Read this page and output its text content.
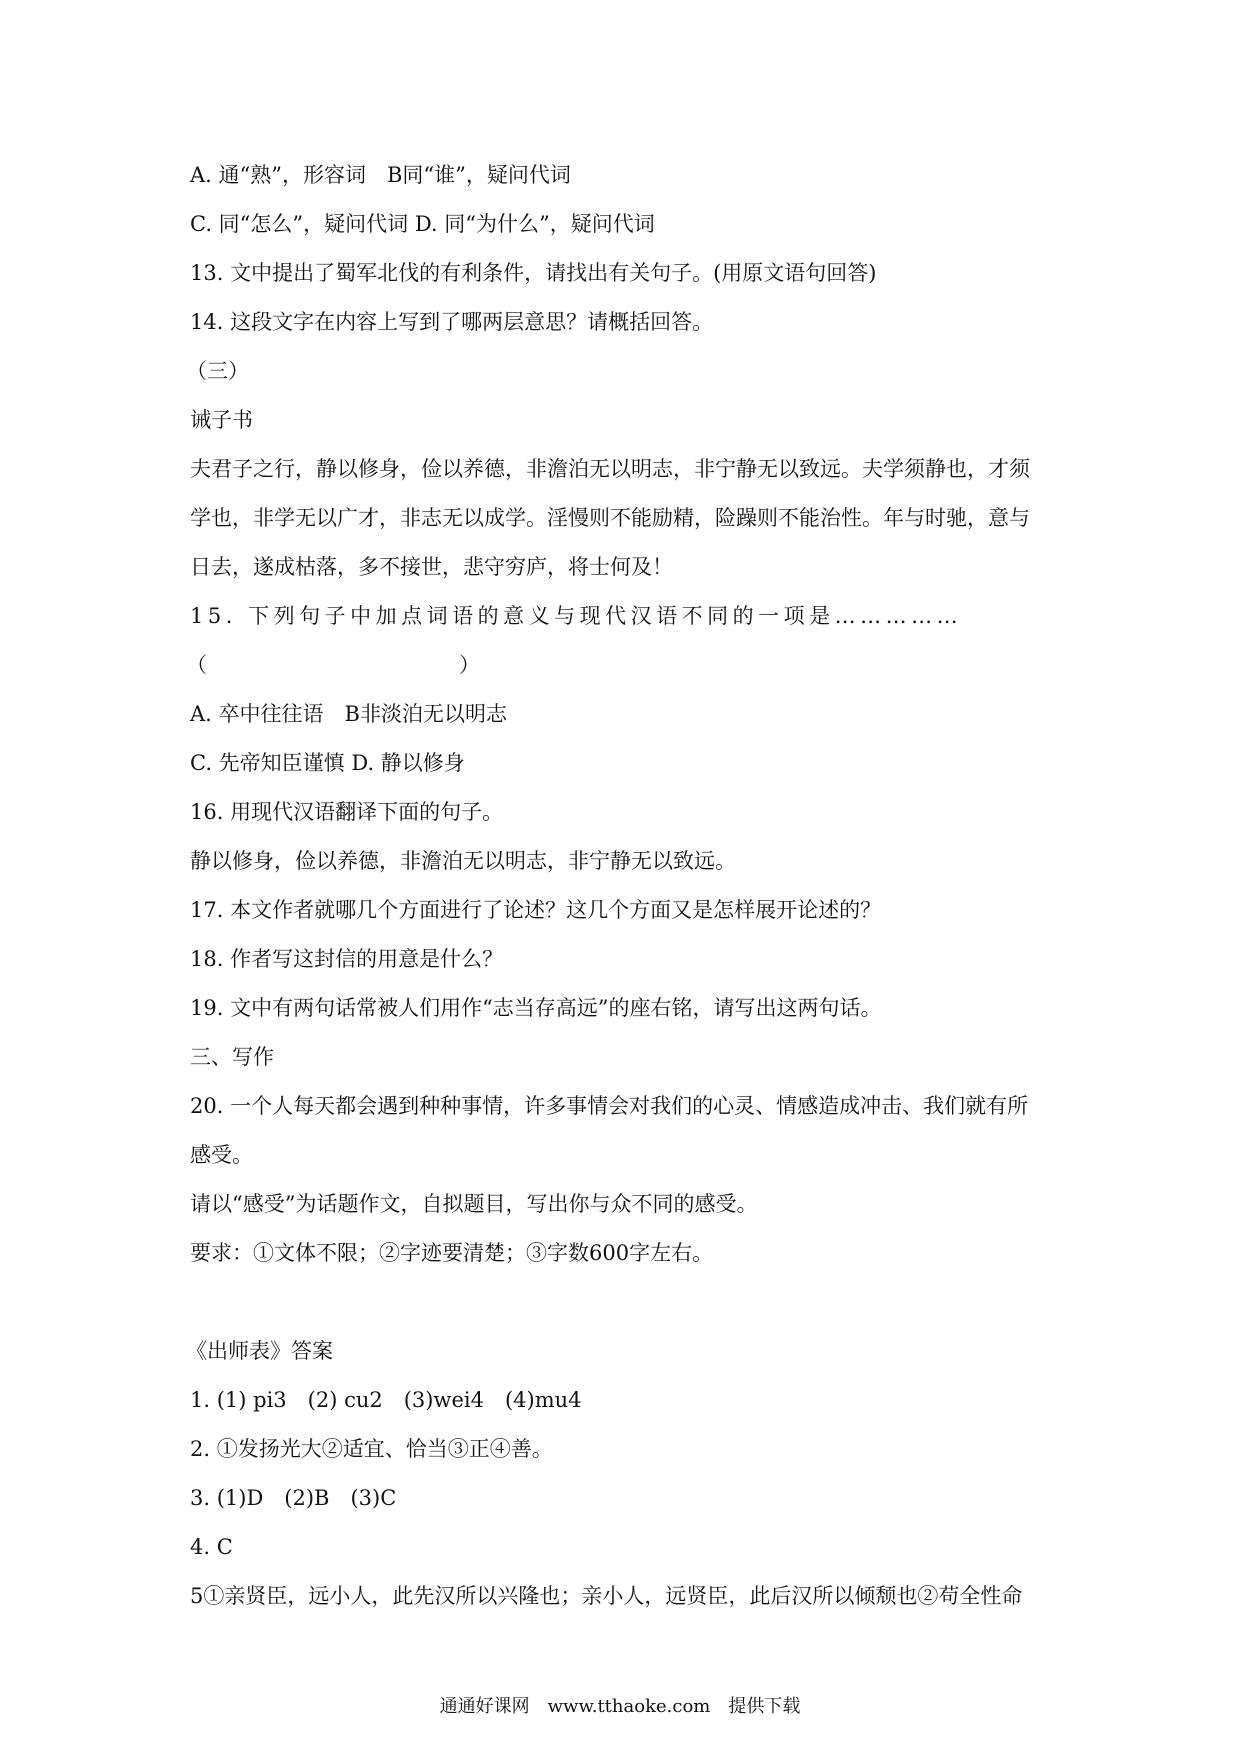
A. 通“熟”，形容词　B同“谁”，疑问代词

C. 同“怎么”，疑问代词 D. 同“为什么”，疑问代词

13. 文中提出了蜀军北伐的有利条件，请找出有关句子。(用原文语句回答)

14. 这段文字在内容上写到了哪两层意思？请概括回答。

（三）

诫子书

夫君子之行，静以修身，俭以养德，非澹泊无以明志，非宁静无以致远。夫学须静也，才须

学也，非学无以广才，非志无以成学。淫慢则不能励精，险躁则不能治性。年与时驰，意与

日去，遂成枯落，多不接世，悲守穷庐，将士何及！

15. 下列句子中加点词语的意义与现代汉语不同的一项是……………

（　　　　　　　　　　　　）

A. 卒中往往语　B非淡泊无以明志

C. 先帝知臣谨慎 D. 静以修身

16. 用现代汉语翻译下面的句子。

静以修身，俭以养德，非澹泊无以明志，非宁静无以致远。

17. 本文作者就哪几个方面进行了论述？这几个方面又是怎样展开论述的？

18. 作者写这封信的用意是什么？

19. 文中有两句话常被人们用作“志当存高远”的座右铭，请写出这两句话。

三、写作

20. 一个人每天都会遇到种种事情，许多事情会对我们的心灵、情感造成冲击、我们就有所

感受。

请以“感受”为话题作文，自拟题目，写出你与众不同的感受。

要求：①文体不限；②字迹要清楚；③字数600字左右。

《出师表》答案

1. (1) pi3　(2) cu2　(3)wei4　(4)mu4

2. ①发扬光大②适宜、恰当③正④善。

3. (1)D　(2)B　(3)C

4. C

5①亲贤臣，远小人，此先汉所以兴隆也；亲小人，远贤臣，此后汉所以倾颓也②苟全性命

通通好课网　www.tthaoke.com　提供下载
